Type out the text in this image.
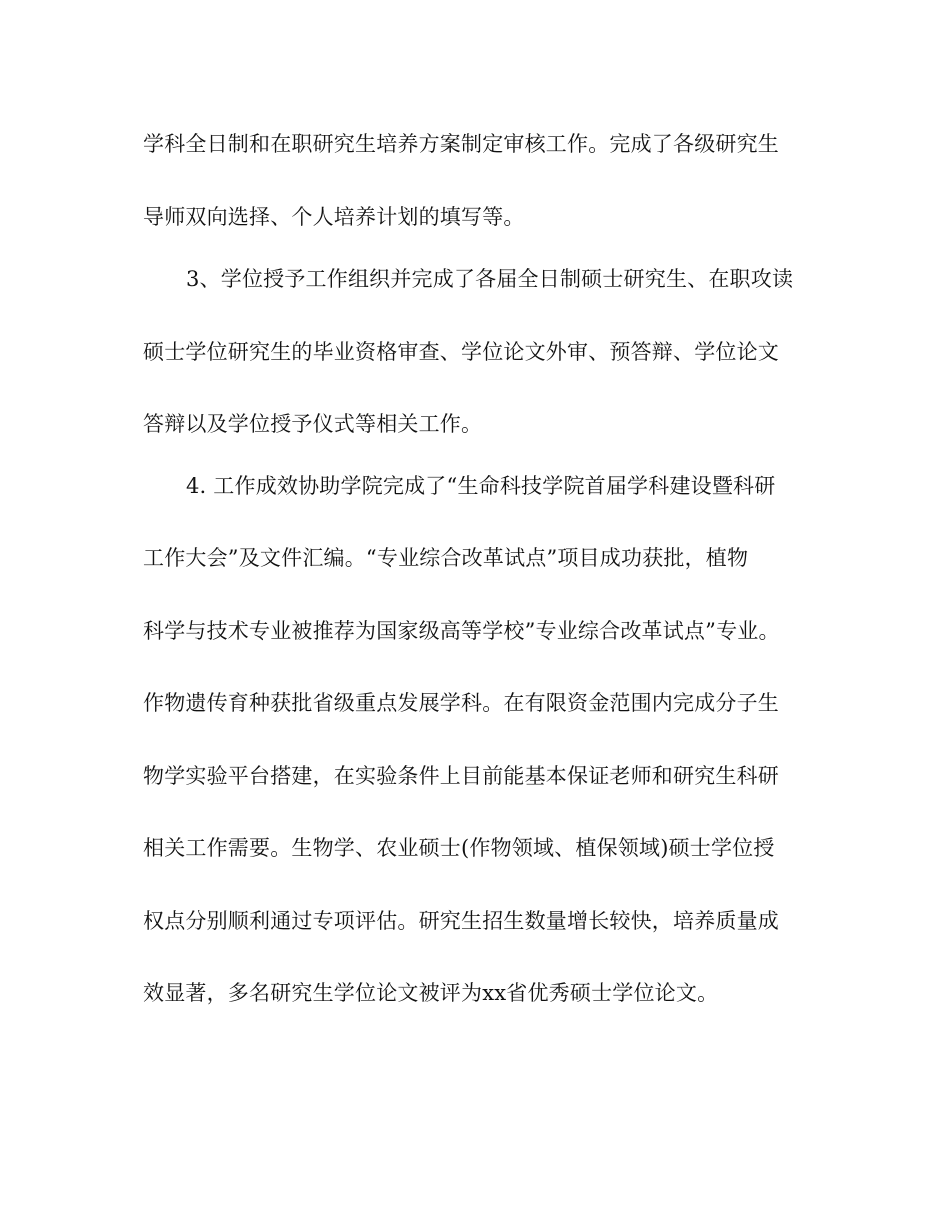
学科全日制和在职研究生培养方案制定审核工作。完成了各级研究生
导师双向选择、个人培养计划的填写等。
3、学位授予工作组织并完成了各届全日制硕士研究生、在职攻读
硕士学位研究生的毕业资格审查、学位论文外审、预答辩、学位论文
答辩以及学位授予仪式等相关工作。
4. 工作成效协助学院完成了“生命科技学院首届学科建设暨科研
工作大会”及文件汇编。“专业综合改革试点”项目成功获批，植物
科学与技术专业被推荐为国家级高等学校”专业综合改革试点”专业。
作物遗传育种获批省级重点发展学科。在有限资金范围内完成分子生
物学实验平台搭建，在实验条件上目前能基本保证老师和研究生科研
相关工作需要。生物学、农业硕士(作物领域、植保领域)硕士学位授
权点分别顺利通过专项评估。研究生招生数量增长较快，培养质量成
效显著，多名研究生学位论文被评为xx省优秀硕士学位论文。
